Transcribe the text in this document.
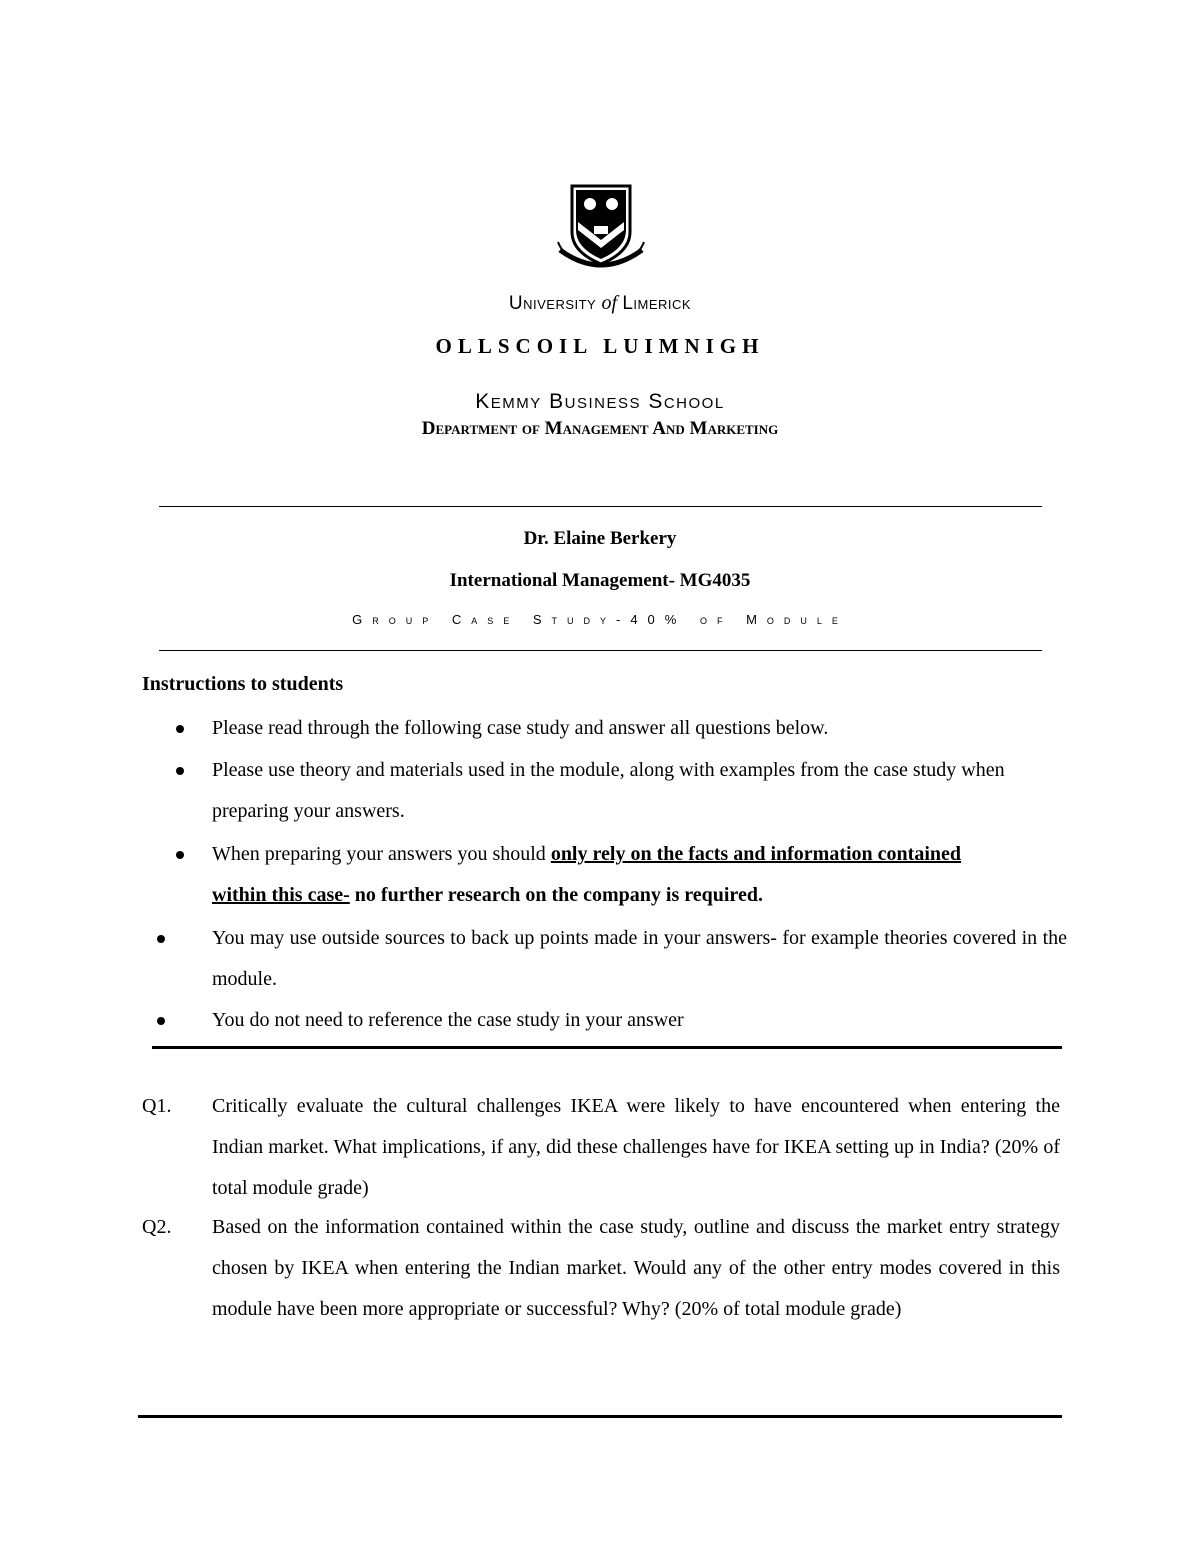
University of Limerick
OLLSCOIL LUIMNIGH
Kemmy Business School
Department of Management And Marketing
Dr. Elaine Berkery
International Management- MG4035
Group Case Study-40% of Module
Instructions to students
Please read through the following case study and answer all questions below.
Please use theory and materials used in the module, along with examples from the case study when preparing your answers.
When preparing your answers you should only rely on the facts and information contained within this case- no further research on the company is required.
You may use outside sources to back up points made in your answers- for example theories covered in the module.
You do not need to reference the case study in your answer
Q1. Critically evaluate the cultural challenges IKEA were likely to have encountered when entering the Indian market. What implications, if any, did these challenges have for IKEA setting up in India? (20% of total module grade)
Q2. Based on the information contained within the case study, outline and discuss the market entry strategy chosen by IKEA when entering the Indian market. Would any of the other entry modes covered in this module have been more appropriate or successful? Why? (20% of total module grade)
